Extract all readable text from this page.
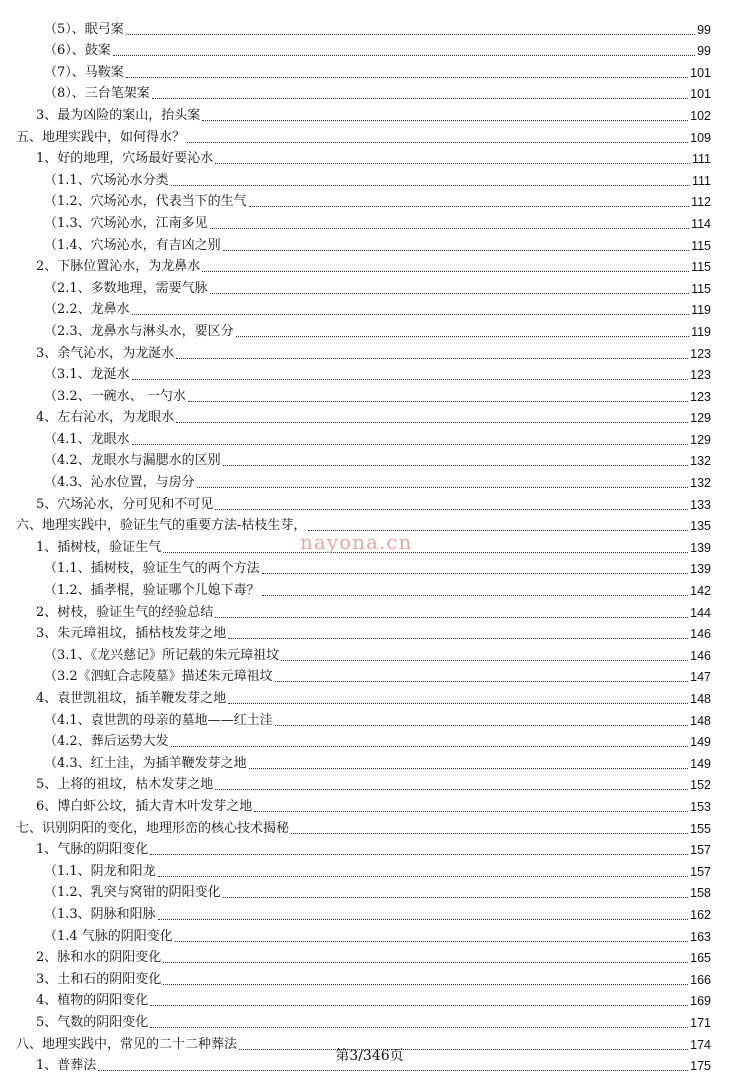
（5）、眠弓案	99
（6）、鼓案	99
（7）、马鞍案	101
（8）、三台笔架案	101
3、最为凶险的案山，抬头案	102
五、地理实践中，如何得水？	109
1、好的地理，穴场最好要沁水	111
（1.1、穴场沁水分类	111
（1.2、穴场沁水，代表当下的生气	112
（1.3、穴场沁水，江南多见	114
（1.4、穴场沁水，有吉凶之别	115
2、下脉位置沁水，为龙鼻水	115
（2.1、多数地理，需要气脉	115
（2.2、龙鼻水	119
（2.3、龙鼻水与淋头水，要区分	119
3、余气沁水，为龙涎水	123
（3.1、龙涎水	123
（3.2、一碗水、 一勺水	123
4、左右沁水，为龙眼水	129
（4.1、龙眼水	129
（4.2、龙眼水与漏腮水的区别	132
（4.3、沁水位置，与房分	132
5、穴场沁水，分可见和不可见	133
六、地理实践中，验证生气的重要方法-枯枝生芽，	135
1、插树枝，验证生气	139
（1.1、插树枝，验证生气的两个方法	139
（1.2、插孝棍，验证哪个儿媳下毒？	142
2、树枝，验证生气的经验总结	144
3、朱元璋祖坟，插枯枝发芽之地	146
（3.1、《龙兴慈记》所记载的朱元璋祖坟	146
（3.2《泗虹合志陵墓》描述朱元璋祖坟	147
4、袁世凯祖坟，插羊鞭发芽之地	148
（4.1、袁世凯的母亲的墓地——红土洼	148
（4.2、葬后运势大发	149
（4.3、红土洼，为插羊鞭发芽之地	149
5、上将的祖坟，枯木发芽之地	152
6、博白虾公坟，插大青木叶发芽之地	153
七、识别阴阳的变化，地理形峦的核心技术揭秘	155
1、气脉的阴阳变化	157
（1.1、阴龙和阳龙	157
（1.2、乳突与窝钳的阴阳变化	158
（1.3、阴脉和阳脉	162
（1.4 气脉的阴阳变化	163
2、脉和水的阴阳变化	165
3、土和石的阴阳变化	166
4、植物的阴阳变化	169
5、气数的阴阳变化	171
八、地理实践中，常见的二十二种葬法	174
1、普葬法	175
nayona.cn
第3/346页
